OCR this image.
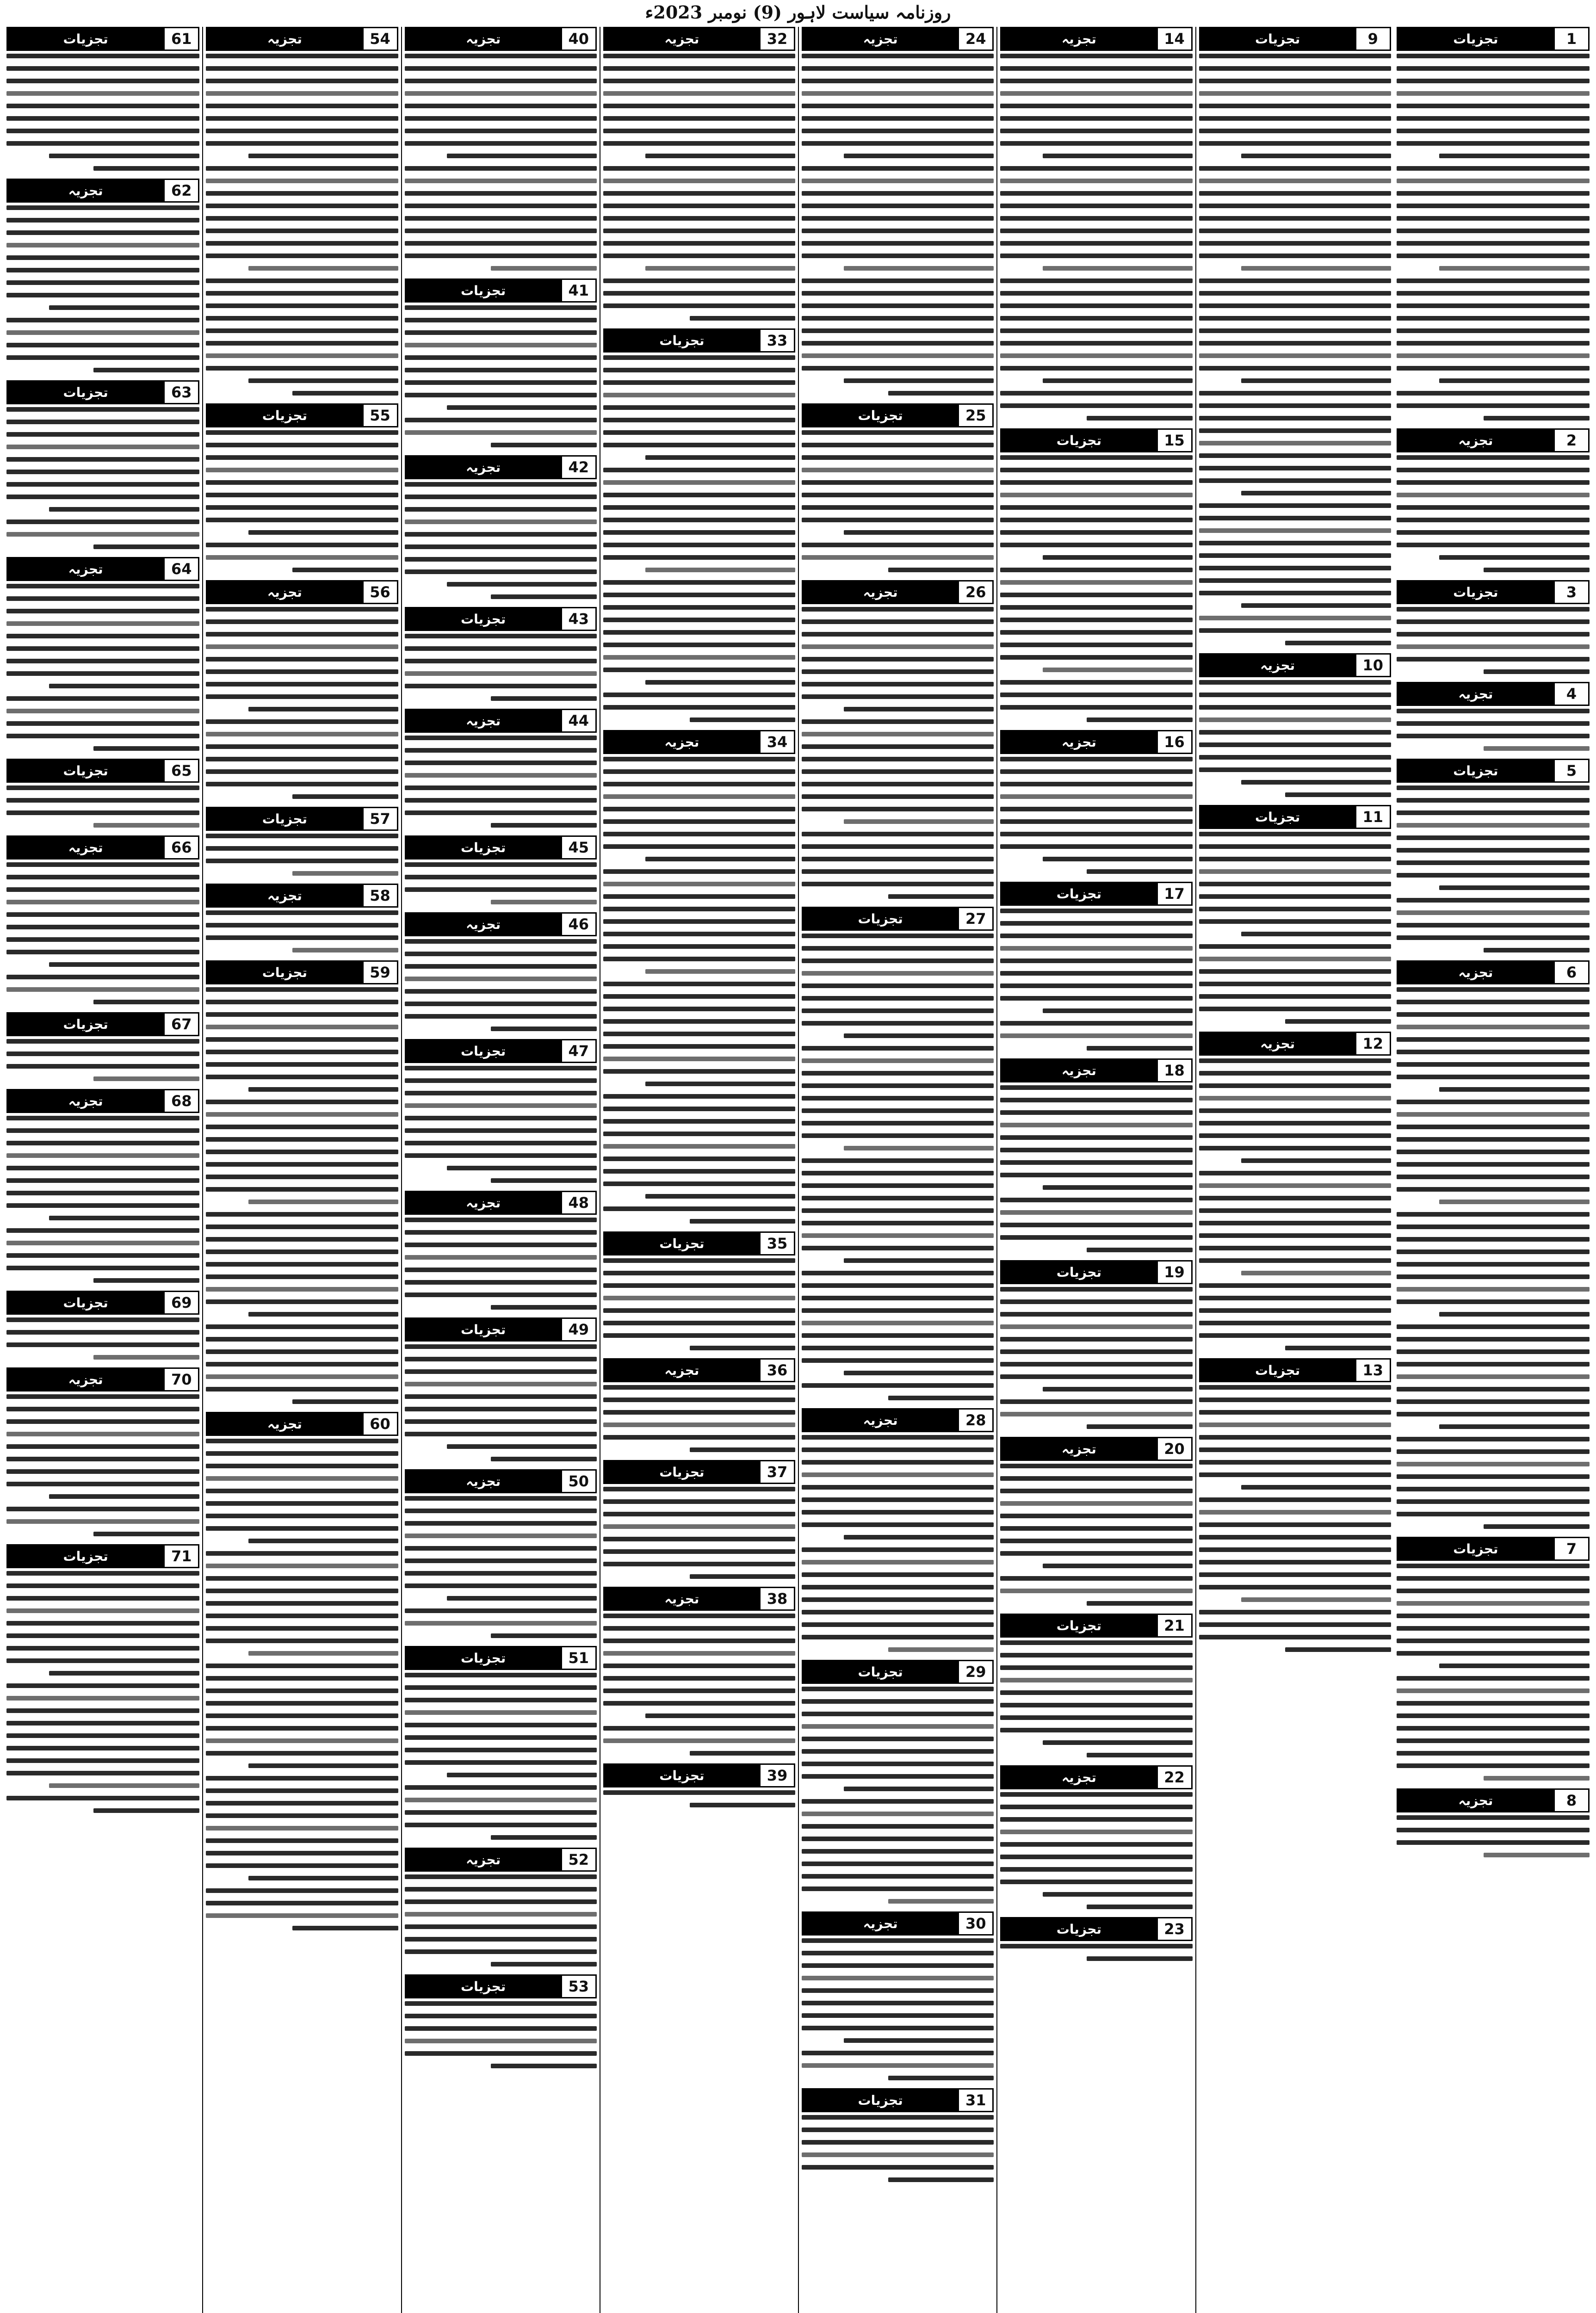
روزنامہ سیاست لاہور (9) نومبر 2023ء
1
تجزیات
2
تجزیہ
3
تجزیات
4
تجزیہ
5
تجزیات
6
تجزیہ
7
تجزیات
8
تجزیہ
9
تجزیات
10
تجزیہ
11
تجزیات
12
تجزیہ
13
تجزیات
14
تجزیہ
15
تجزیات
16
تجزیہ
17
تجزیات
18
تجزیہ
19
تجزیات
20
تجزیہ
21
تجزیات
22
تجزیہ
23
تجزیات
24
تجزیہ
25
تجزیات
26
تجزیہ
27
تجزیات
28
تجزیہ
29
تجزیات
30
تجزیہ
31
تجزیات
32
تجزیہ
33
تجزیات
34
تجزیہ
35
تجزیات
36
تجزیہ
37
تجزیات
38
تجزیہ
39
تجزیات
40
تجزیہ
41
تجزیات
42
تجزیہ
43
تجزیات
44
تجزیہ
45
تجزیات
46
تجزیہ
47
تجزیات
48
تجزیہ
49
تجزیات
50
تجزیہ
51
تجزیات
52
تجزیہ
53
تجزیات
54
تجزیہ
55
تجزیات
56
تجزیہ
57
تجزیات
58
تجزیہ
59
تجزیات
60
تجزیہ
61
تجزیات
62
تجزیہ
63
تجزیات
64
تجزیہ
65
تجزیات
66
تجزیہ
67
تجزیات
68
تجزیہ
69
تجزیات
70
تجزیہ
71
تجزیات
